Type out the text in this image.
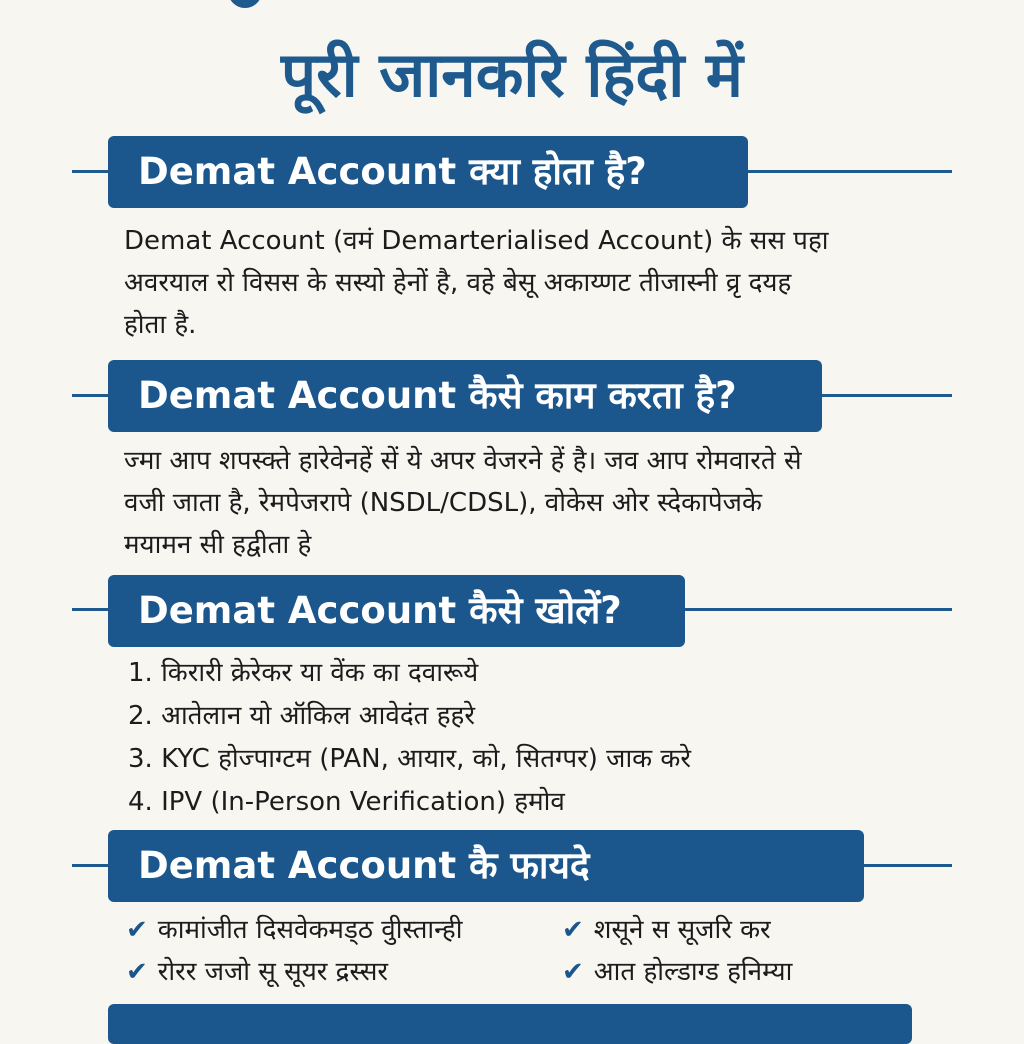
पूरी जानकरि हिंदी में
Demat Account क्या होता है?
Demat Account (वमं Demarterialised Account) के सस पहा
अवरयाल रो विसस के सस्यो हेनों है, वहे बेसू अकाय्णट तीजास्नी व्रृ दयह
होता है.
Demat Account कैसे काम करता है?
ज्मा आप शपस्क्ते हारेवेनहें सें ये अपर वेजरने हें है। जव आप रोमवारते से
वजी जाता है, रेमपेजरापे (NSDL/CDSL), वोकेस ओर स्देकापेजके
मयामन सी हद्वीता हे
Demat Account कैसे खोलें?
1. किरारी क्रेरेकर या वेंक का दवारूये
2. आतेलान यो ऑकिल आवेदंत हहरे
3. KYC होज्पाग्टम (PAN, आयार, को, सितग्पर) जाक करे
4. IPV (In-Person Verification) हमोव
Demat Account कै फायदे
✔ कामांजीत दिसवेकमड्ठ वुीस्तान्ही	✔ शसूने स सूजरि कर
✔ रोरर जजो सू सूयर द्रस्सर	✔ आत होल्डाग्ड हनिम्या
